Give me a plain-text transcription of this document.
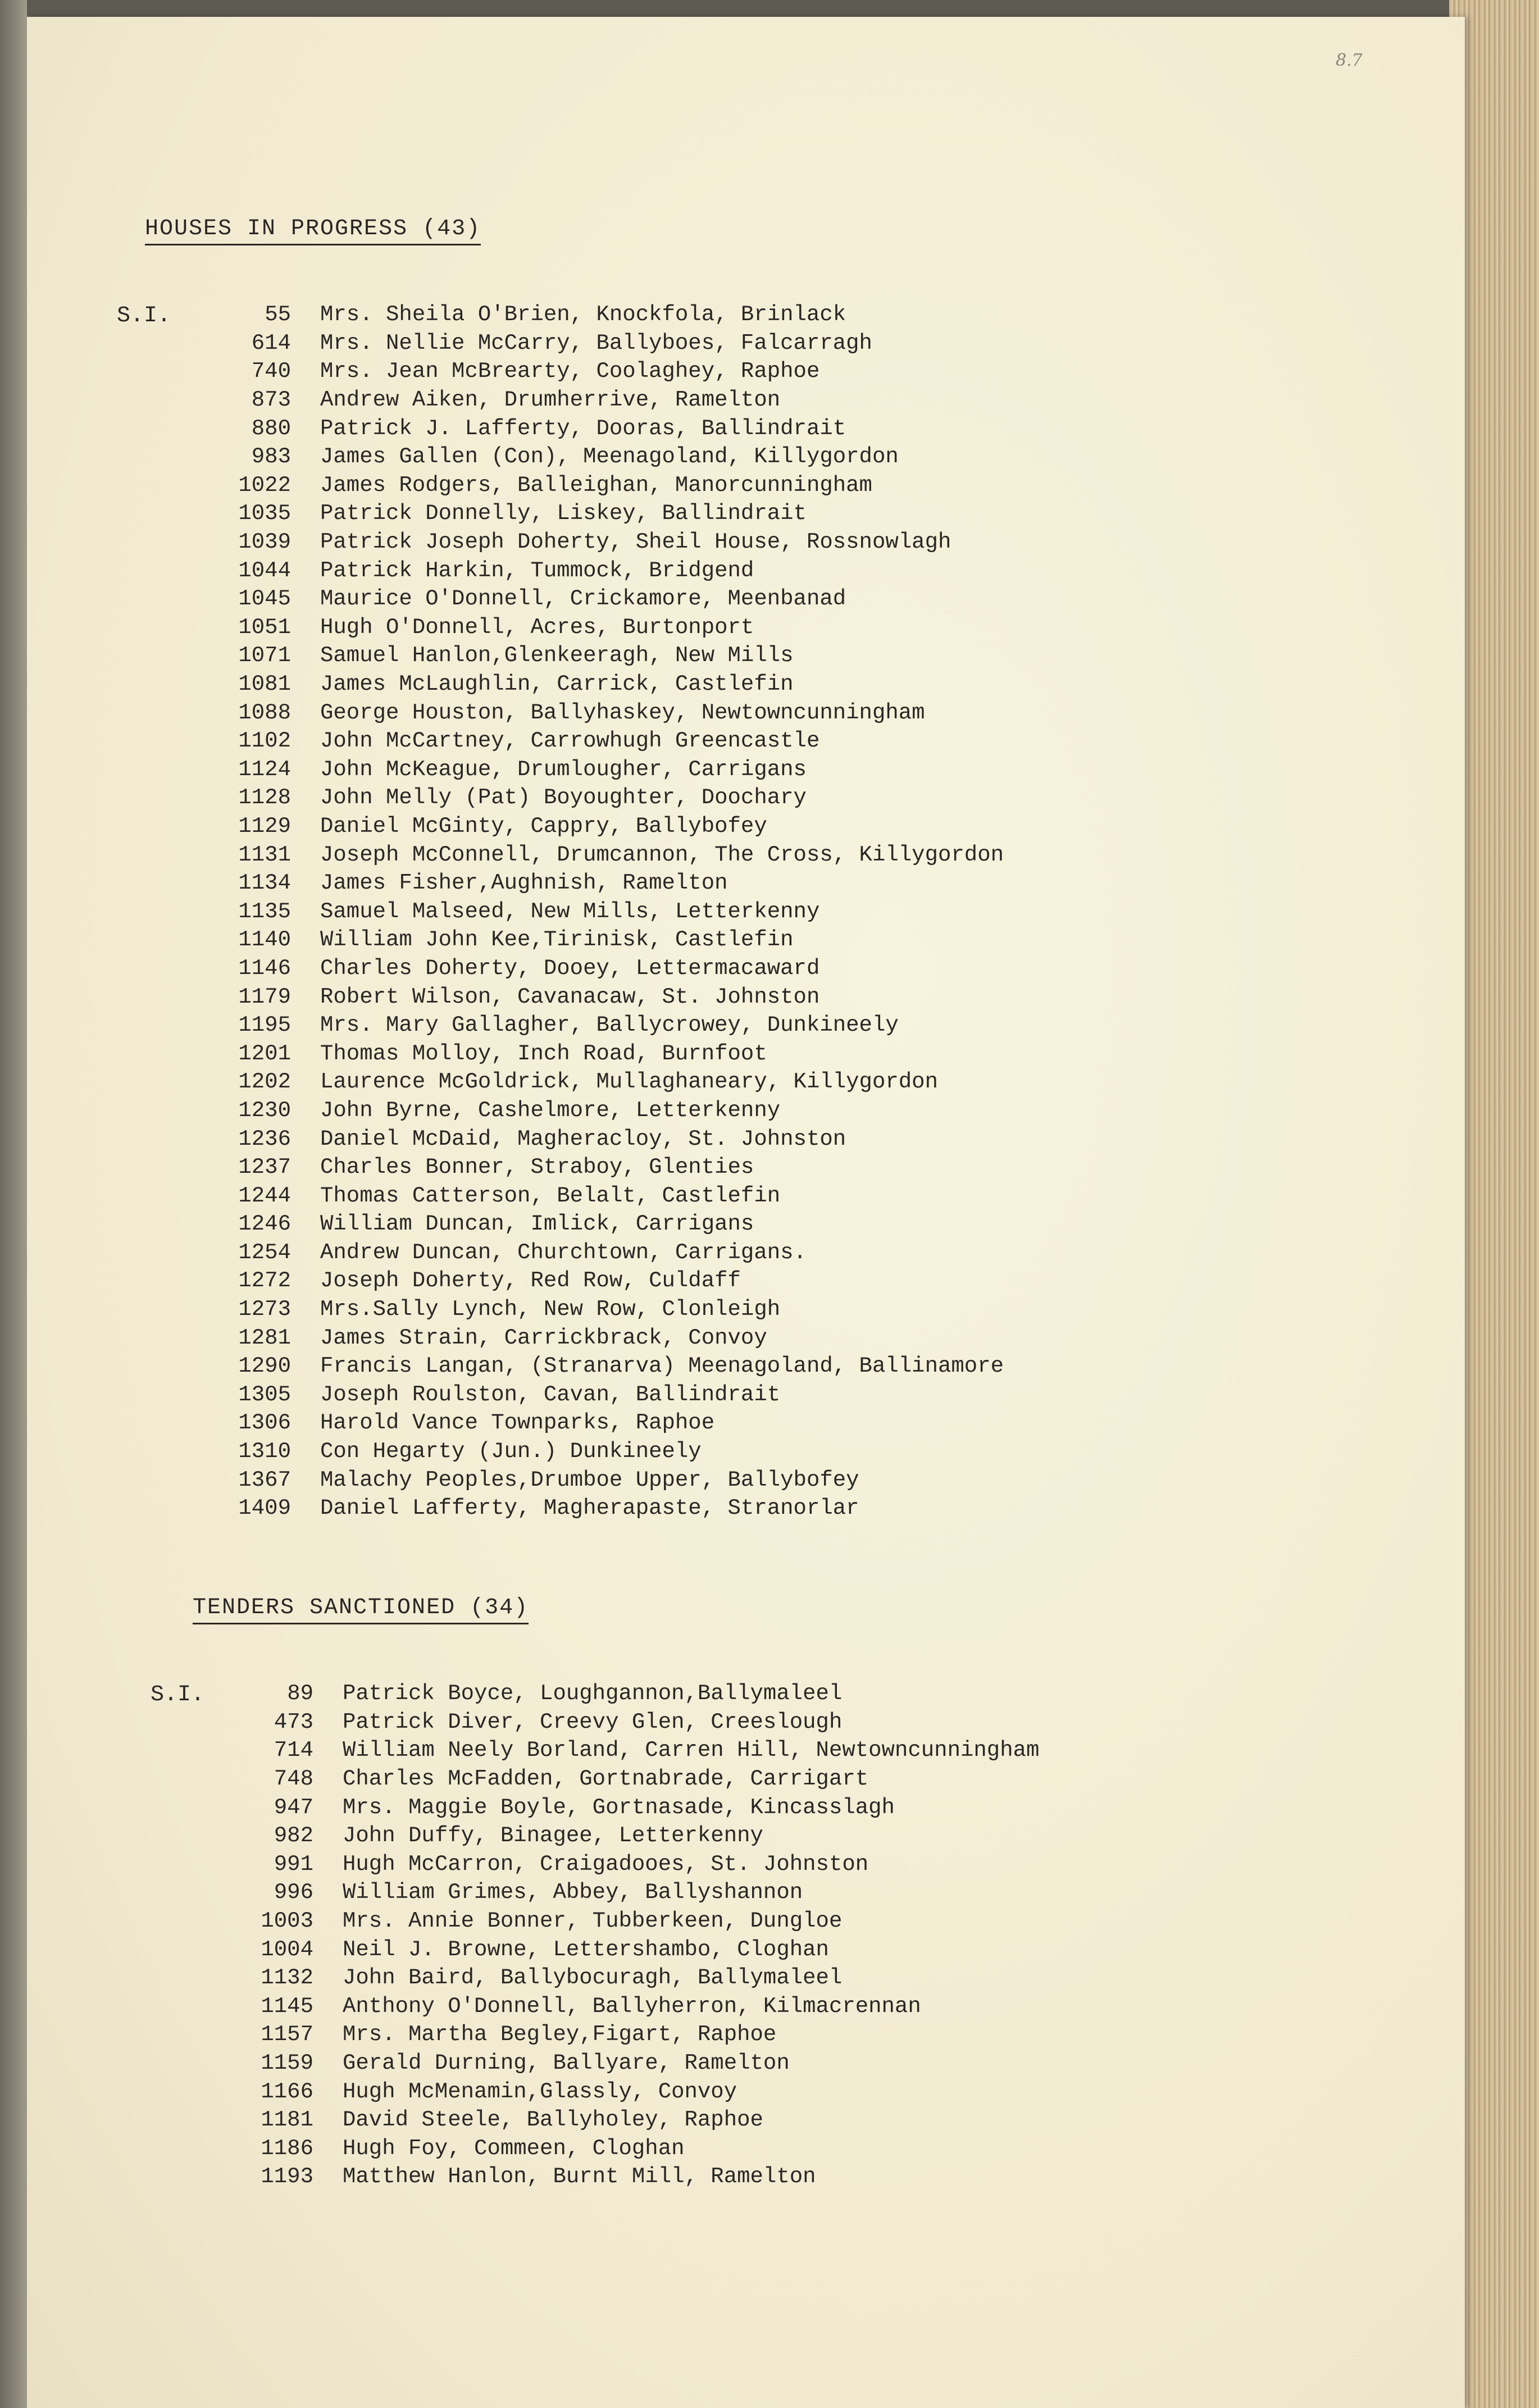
8.7
HOUSES IN PROGRESS (43)
S.I.	55	Mrs. Sheila O'Brien, Knockfola, Brinlack
614	Mrs. Nellie McCarry, Ballyboes, Falcarragh
740	Mrs. Jean McBrearty, Coolaghey, Raphoe
873	Andrew Aiken, Drumherrive, Ramelton
880	Patrick J. Lafferty, Dooras, Ballindrait
983	James Gallen (Con), Meenagoland, Killygordon
1022	James Rodgers, Balleighan, Manorcunningham
1035	Patrick Donnelly, Liskey, Ballindrait
1039	Patrick Joseph Doherty, Sheil House, Rossnowlagh
1044	Patrick Harkin, Tummock, Bridgend
1045	Maurice O'Donnell, Crickamore, Meenbanad
1051	Hugh O'Donnell, Acres, Burtonport
1071	Samuel Hanlon,Glenkeeragh, New Mills
1081	James McLaughlin, Carrick, Castlefin
1088	George Houston, Ballyhaskey, Newtowncunningham
1102	John McCartney, Carrowhugh Greencastle
1124	John McKeague, Drumlougher, Carrigans
1128	John Melly (Pat) Boyoughter, Doochary
1129	Daniel McGinty, Cappry, Ballybofey
1131	Joseph McConnell, Drumcannon, The Cross, Killygordon
1134	James Fisher,Aughnish, Ramelton
1135	Samuel Malseed, New Mills, Letterkenny
1140	William John Kee,Tirinisk, Castlefin
1146	Charles Doherty, Dooey, Lettermacaward
1179	Robert Wilson, Cavanacaw, St. Johnston
1195	Mrs. Mary Gallagher, Ballycrowey, Dunkineely
1201	Thomas Molloy, Inch Road, Burnfoot
1202	Laurence McGoldrick, Mullaghaneary, Killygordon
1230	John Byrne, Cashelmore, Letterkenny
1236	Daniel McDaid, Magheracloy, St. Johnston
1237	Charles Bonner, Straboy, Glenties
1244	Thomas Catterson, Belalt, Castlefin
1246	William Duncan, Imlick, Carrigans
1254	Andrew Duncan, Churchtown, Carrigans.
1272	Joseph Doherty, Red Row, Culdaff
1273	Mrs.Sally Lynch, New Row, Clonleigh
1281	James Strain, Carrickbrack, Convoy
1290	Francis Langan, (Stranarva) Meenagoland, Ballinamore
1305	Joseph Roulston, Cavan, Ballindrait
1306	Harold Vance Townparks, Raphoe
1310	Con Hegarty (Jun.) Dunkineely
1367	Malachy Peoples,Drumboe Upper, Ballybofey
1409	Daniel Lafferty, Magherapaste, Stranorlar
TENDERS SANCTIONED (34)
S.I.	89	Patrick Boyce, Loughgannon,Ballymaleel
473	Patrick Diver, Creevy Glen, Creeslough
714	William Neely Borland, Carren Hill, Newtowncunningham
748	Charles McFadden, Gortnabrade, Carrigart
947	Mrs. Maggie Boyle, Gortnasade, Kincasslagh
982	John Duffy, Binagee, Letterkenny
991	Hugh McCarron, Craigadooes, St. Johnston
996	William Grimes, Abbey, Ballyshannon
1003	Mrs. Annie Bonner, Tubberkeen, Dungloe
1004	Neil J. Browne, Lettershambo, Cloghan
1132	John Baird, Ballybocuragh, Ballymaleel
1145	Anthony O'Donnell, Ballyherron, Kilmacrennan
1157	Mrs. Martha Begley,Figart, Raphoe
1159	Gerald Durning, Ballyare, Ramelton
1166	Hugh McMenamin,Glassly, Convoy
1181	David Steele, Ballyholey, Raphoe
1186	Hugh Foy, Commeen, Cloghan
1193	Matthew Hanlon, Burnt Mill, Ramelton
